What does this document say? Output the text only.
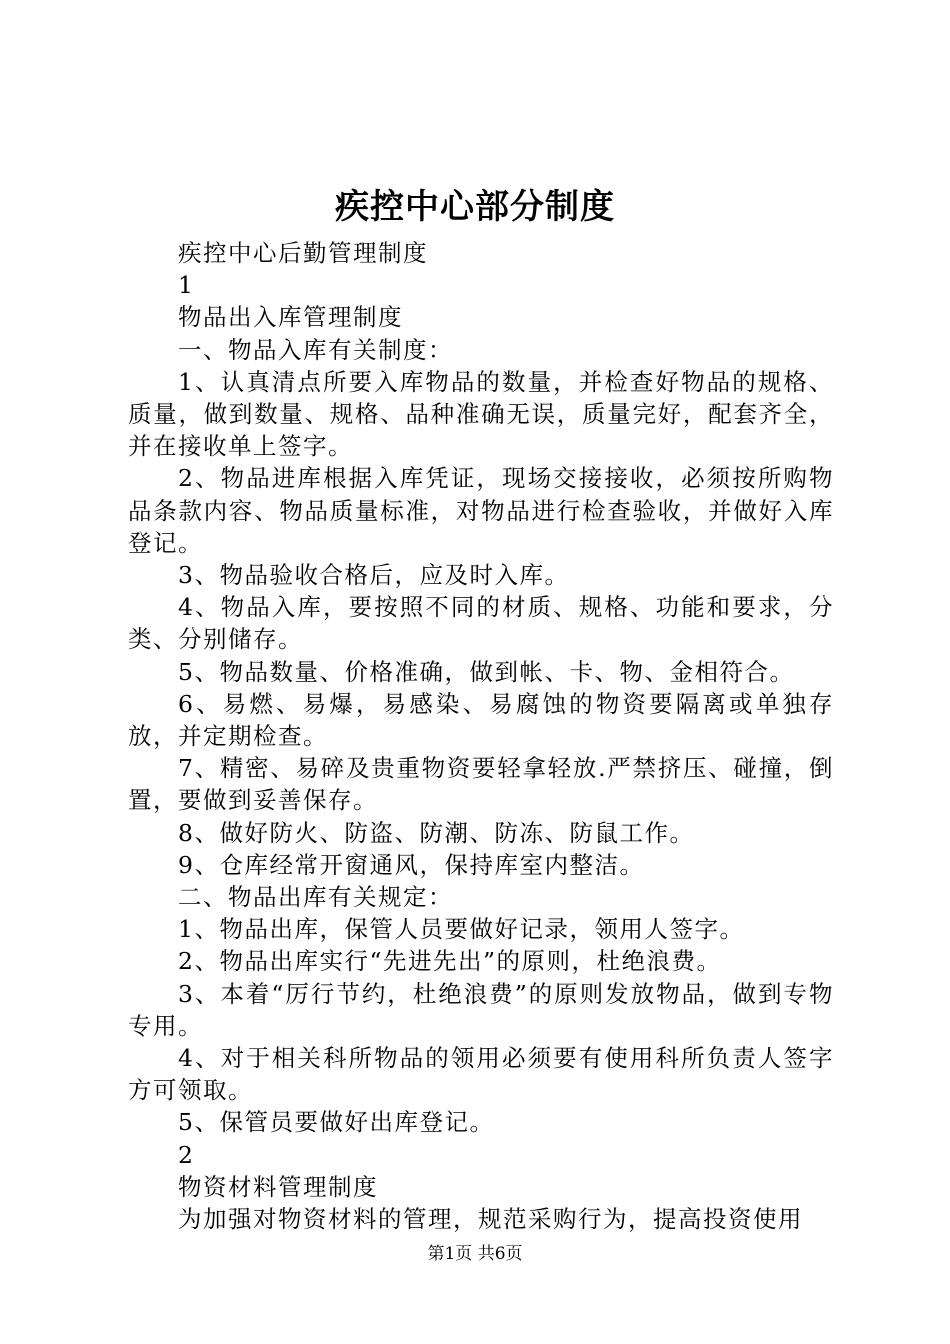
疾控中心部分制度

疾控中心后勤管理制度

1

物品出入库管理制度

一、物品入库有关制度：

1、认真清点所要入库物品的数量，并检查好物品的规格、质量，做到数量、规格、品种准确无误，质量完好，配套齐全，并在接收单上签字。

2、物品进库根据入库凭证，现场交接接收，必须按所购物品条款内容、物品质量标准，对物品进行检查验收，并做好入库登记。

3、物品验收合格后，应及时入库。

4、物品入库，要按照不同的材质、规格、功能和要求，分类、分别储存。

5、物品数量、价格准确，做到帐、卡、物、金相符合。

6、易燃、易爆，易感染、易腐蚀的物资要隔离或单独存放，并定期检查。

7、精密、易碎及贵重物资要轻拿轻放.严禁挤压、碰撞，倒置，要做到妥善保存。

8、做好防火、防盗、防潮、防冻、防鼠工作。

9、仓库经常开窗通风，保持库室内整洁。

二、物品出库有关规定：

1、物品出库，保管人员要做好记录，领用人签字。

2、物品出库实行“先进先出”的原则，杜绝浪费。

3、本着“厉行节约，杜绝浪费”的原则发放物品，做到专物专用。

4、对于相关科所物品的领用必须要有使用科所负责人签字方可领取。

5、保管员要做好出库登记。

2

物资材料管理制度

为加强对物资材料的管理，规范采购行为，提高投资使用

第1页 共6页
